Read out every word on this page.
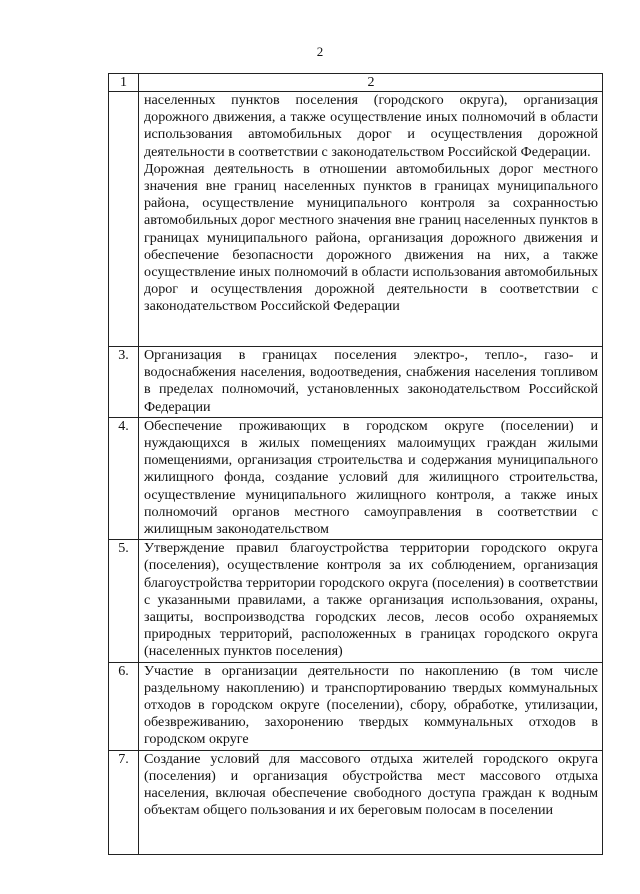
2
1	2

	населенных пунктов поселения (городского округа), организация дорожного движения, а также осуществление иных полномочий в области использования автомобильных дорог и осуществления дорожной деятельности в соответствии с законодательством Российской Федерации.

Дорожная деятельность в отношении автомобильных дорог местного значения вне границ населенных пунктов в границах муниципального района, осуществление муниципального контроля за сохранностью автомобильных дорог местного значения вне границ населенных пунктов в границах муниципального района, организация дорожного движения и обеспечение безопасности дорожного движения на них, а также осуществление иных полномочий в области использования автомобильных дорог и осуществления дорожной деятельности в соответствии с законодательством Российской Федерации

3.	Организация в границах поселения электро-, тепло-, газо- и водоснабжения населения, водоотведения, снабжения населения топливом в пределах полномочий, установленных законодательством Российской Федерации

4.	Обеспечение проживающих в городском округе (поселении) и нуждающихся в жилых помещениях малоимущих граждан жилыми помещениями, организация строительства и содержания муниципального жилищного фонда, создание условий для жилищного строительства, осуществление муниципального жилищного контроля, а также иных полномочий органов местного самоуправления в соответствии с жилищным законодательством

5.	Утверждение правил благоустройства территории городского округа (поселения), осуществление контроля за их соблюдением, организация благоустройства территории городского округа (поселения) в соответствии с указанными правилами, а также организация использования, охраны, защиты, воспроизводства городских лесов, лесов особо охраняемых природных территорий, расположенных в границах городского округа (населенных пунктов поселения)

6.	Участие в организации деятельности по накоплению (в том числе раздельному накоплению) и транспортированию твердых коммунальных отходов в городском округе (поселении), сбору, обработке, утилизации, обезвреживанию, захоронению твердых коммунальных отходов в городском округе

7.	Создание условий для массового отдыха жителей городского округа (поселения) и организация обустройства мест массового отдыха населения, включая обеспечение свободного доступа граждан к водным объектам общего пользования и их береговым полосам в поселении
